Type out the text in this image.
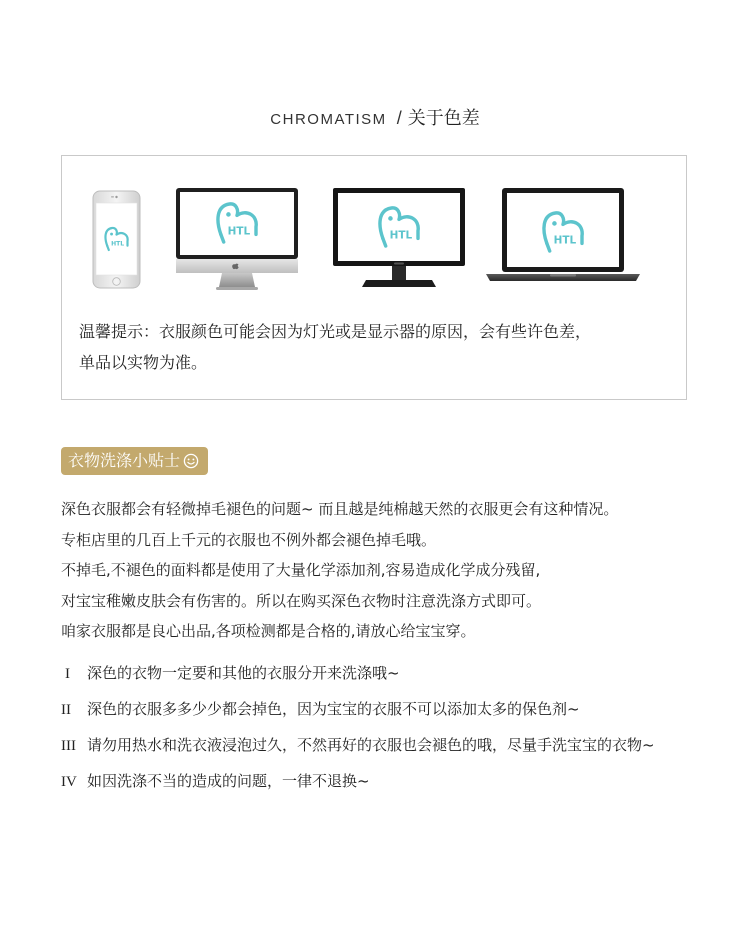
CHROMATISM / 关于色差
HTL
HTL	HTL	HTL
温馨提示：衣服颜色可能会因为灯光或是显示器的原因，会有些许色差，
单品以实物为准。
衣物洗涤小贴士
深色衣服都会有轻微掉毛褪色的问题~ 而且越是纯棉越天然的衣服更会有这种情况。
专柜店里的几百上千元的衣服也不例外都会褪色掉毛哦。
不掉毛,不褪色的面料都是使用了大量化学添加剂,容易造成化学成分残留,
对宝宝稚嫩皮肤会有伤害的。所以在购买深色衣物时注意洗涤方式即可。
咱家衣服都是良心出品,各项检测都是合格的,请放心给宝宝穿。
I 深色的衣物一定要和其他的衣服分开来洗涤哦~
II 深色的衣服多多少少都会掉色，因为宝宝的衣服不可以添加太多的保色剂~
III 请勿用热水和洗衣液浸泡过久，不然再好的衣服也会褪色的哦，尽量手洗宝宝的衣物~
IV 如因洗涤不当的造成的问题，一律不退换~
